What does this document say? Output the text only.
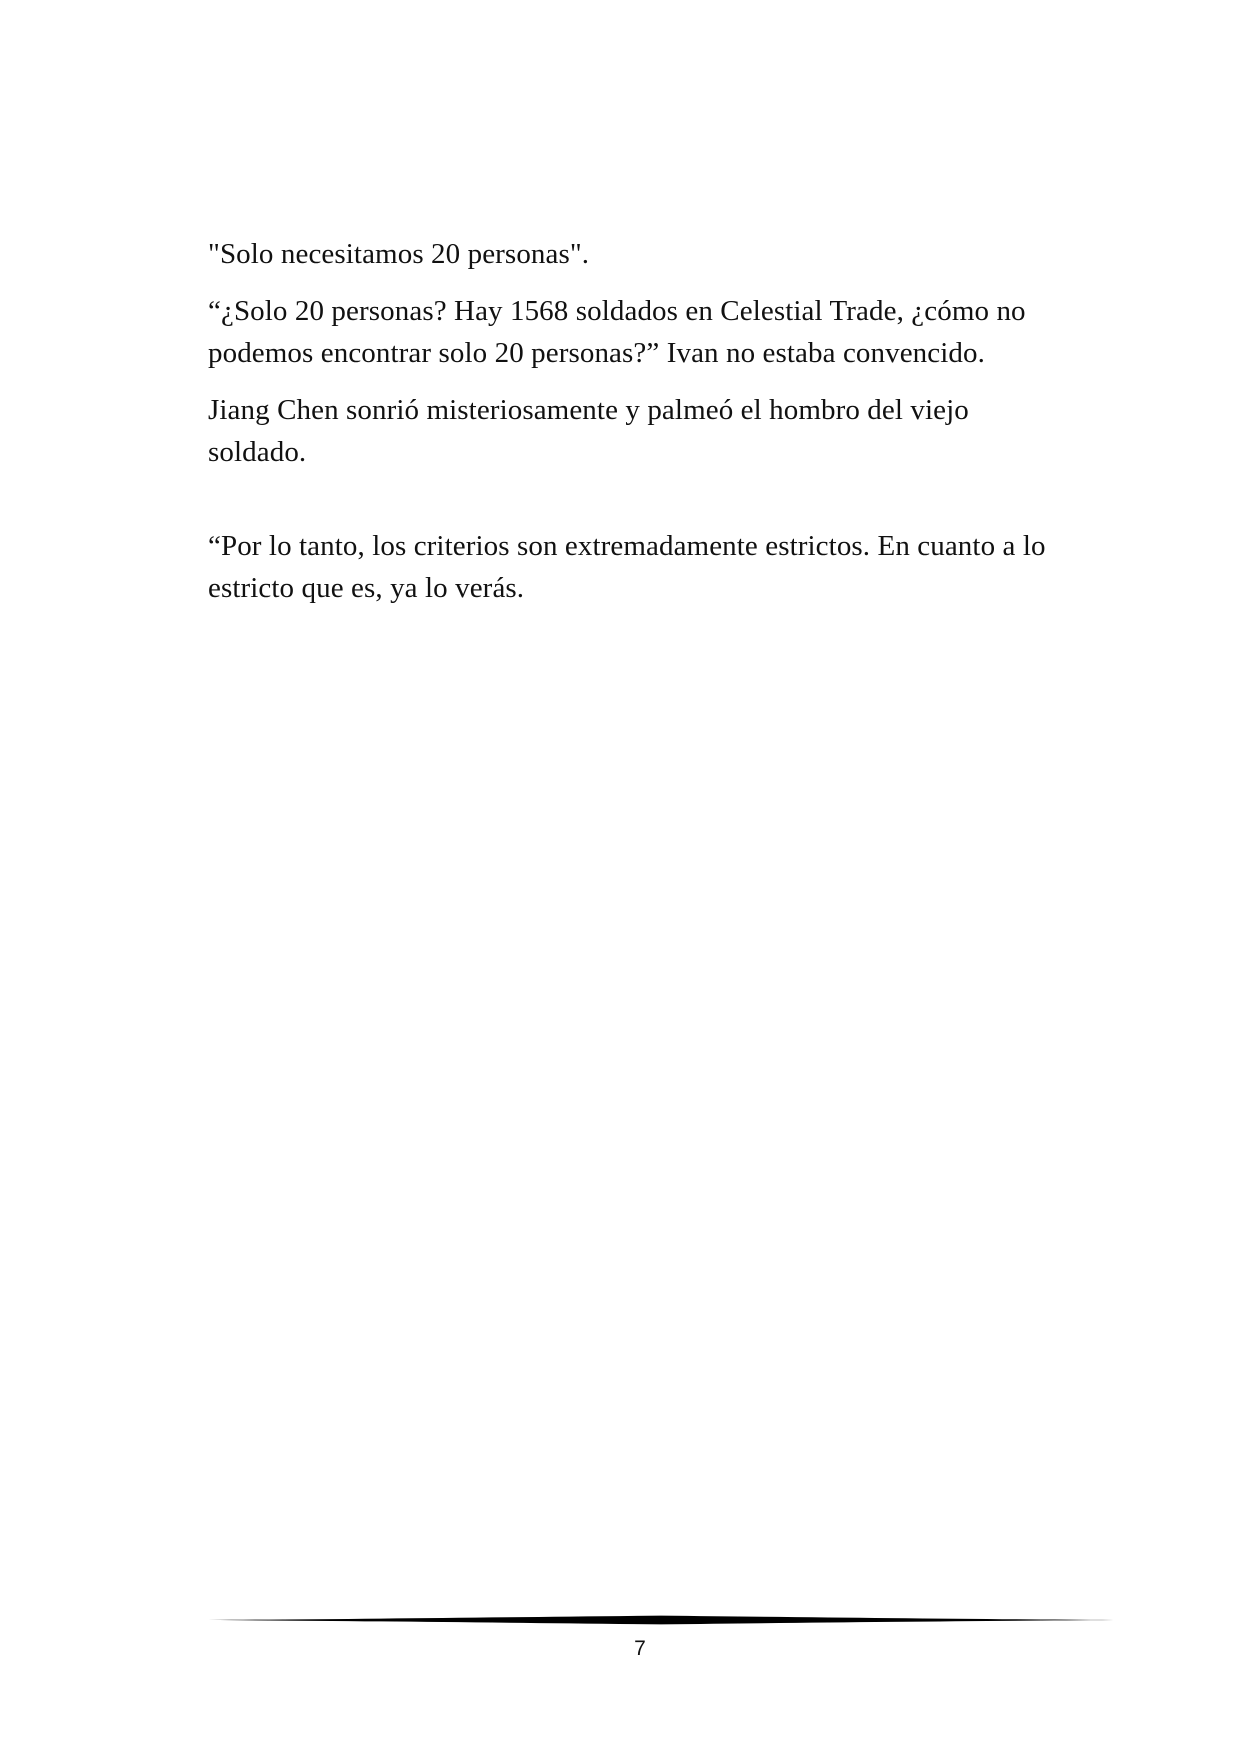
"Solo necesitamos 20 personas".

“¿Solo 20 personas? Hay 1568 soldados en Celestial Trade, ¿cómo no podemos encontrar solo 20 personas?” Ivan no estaba convencido.

Jiang Chen sonrió misteriosamente y palmeó el hombro del viejo soldado.

“Por lo tanto, los criterios son extremadamente estrictos. En cuanto a lo estricto que es, ya lo verás.

7
